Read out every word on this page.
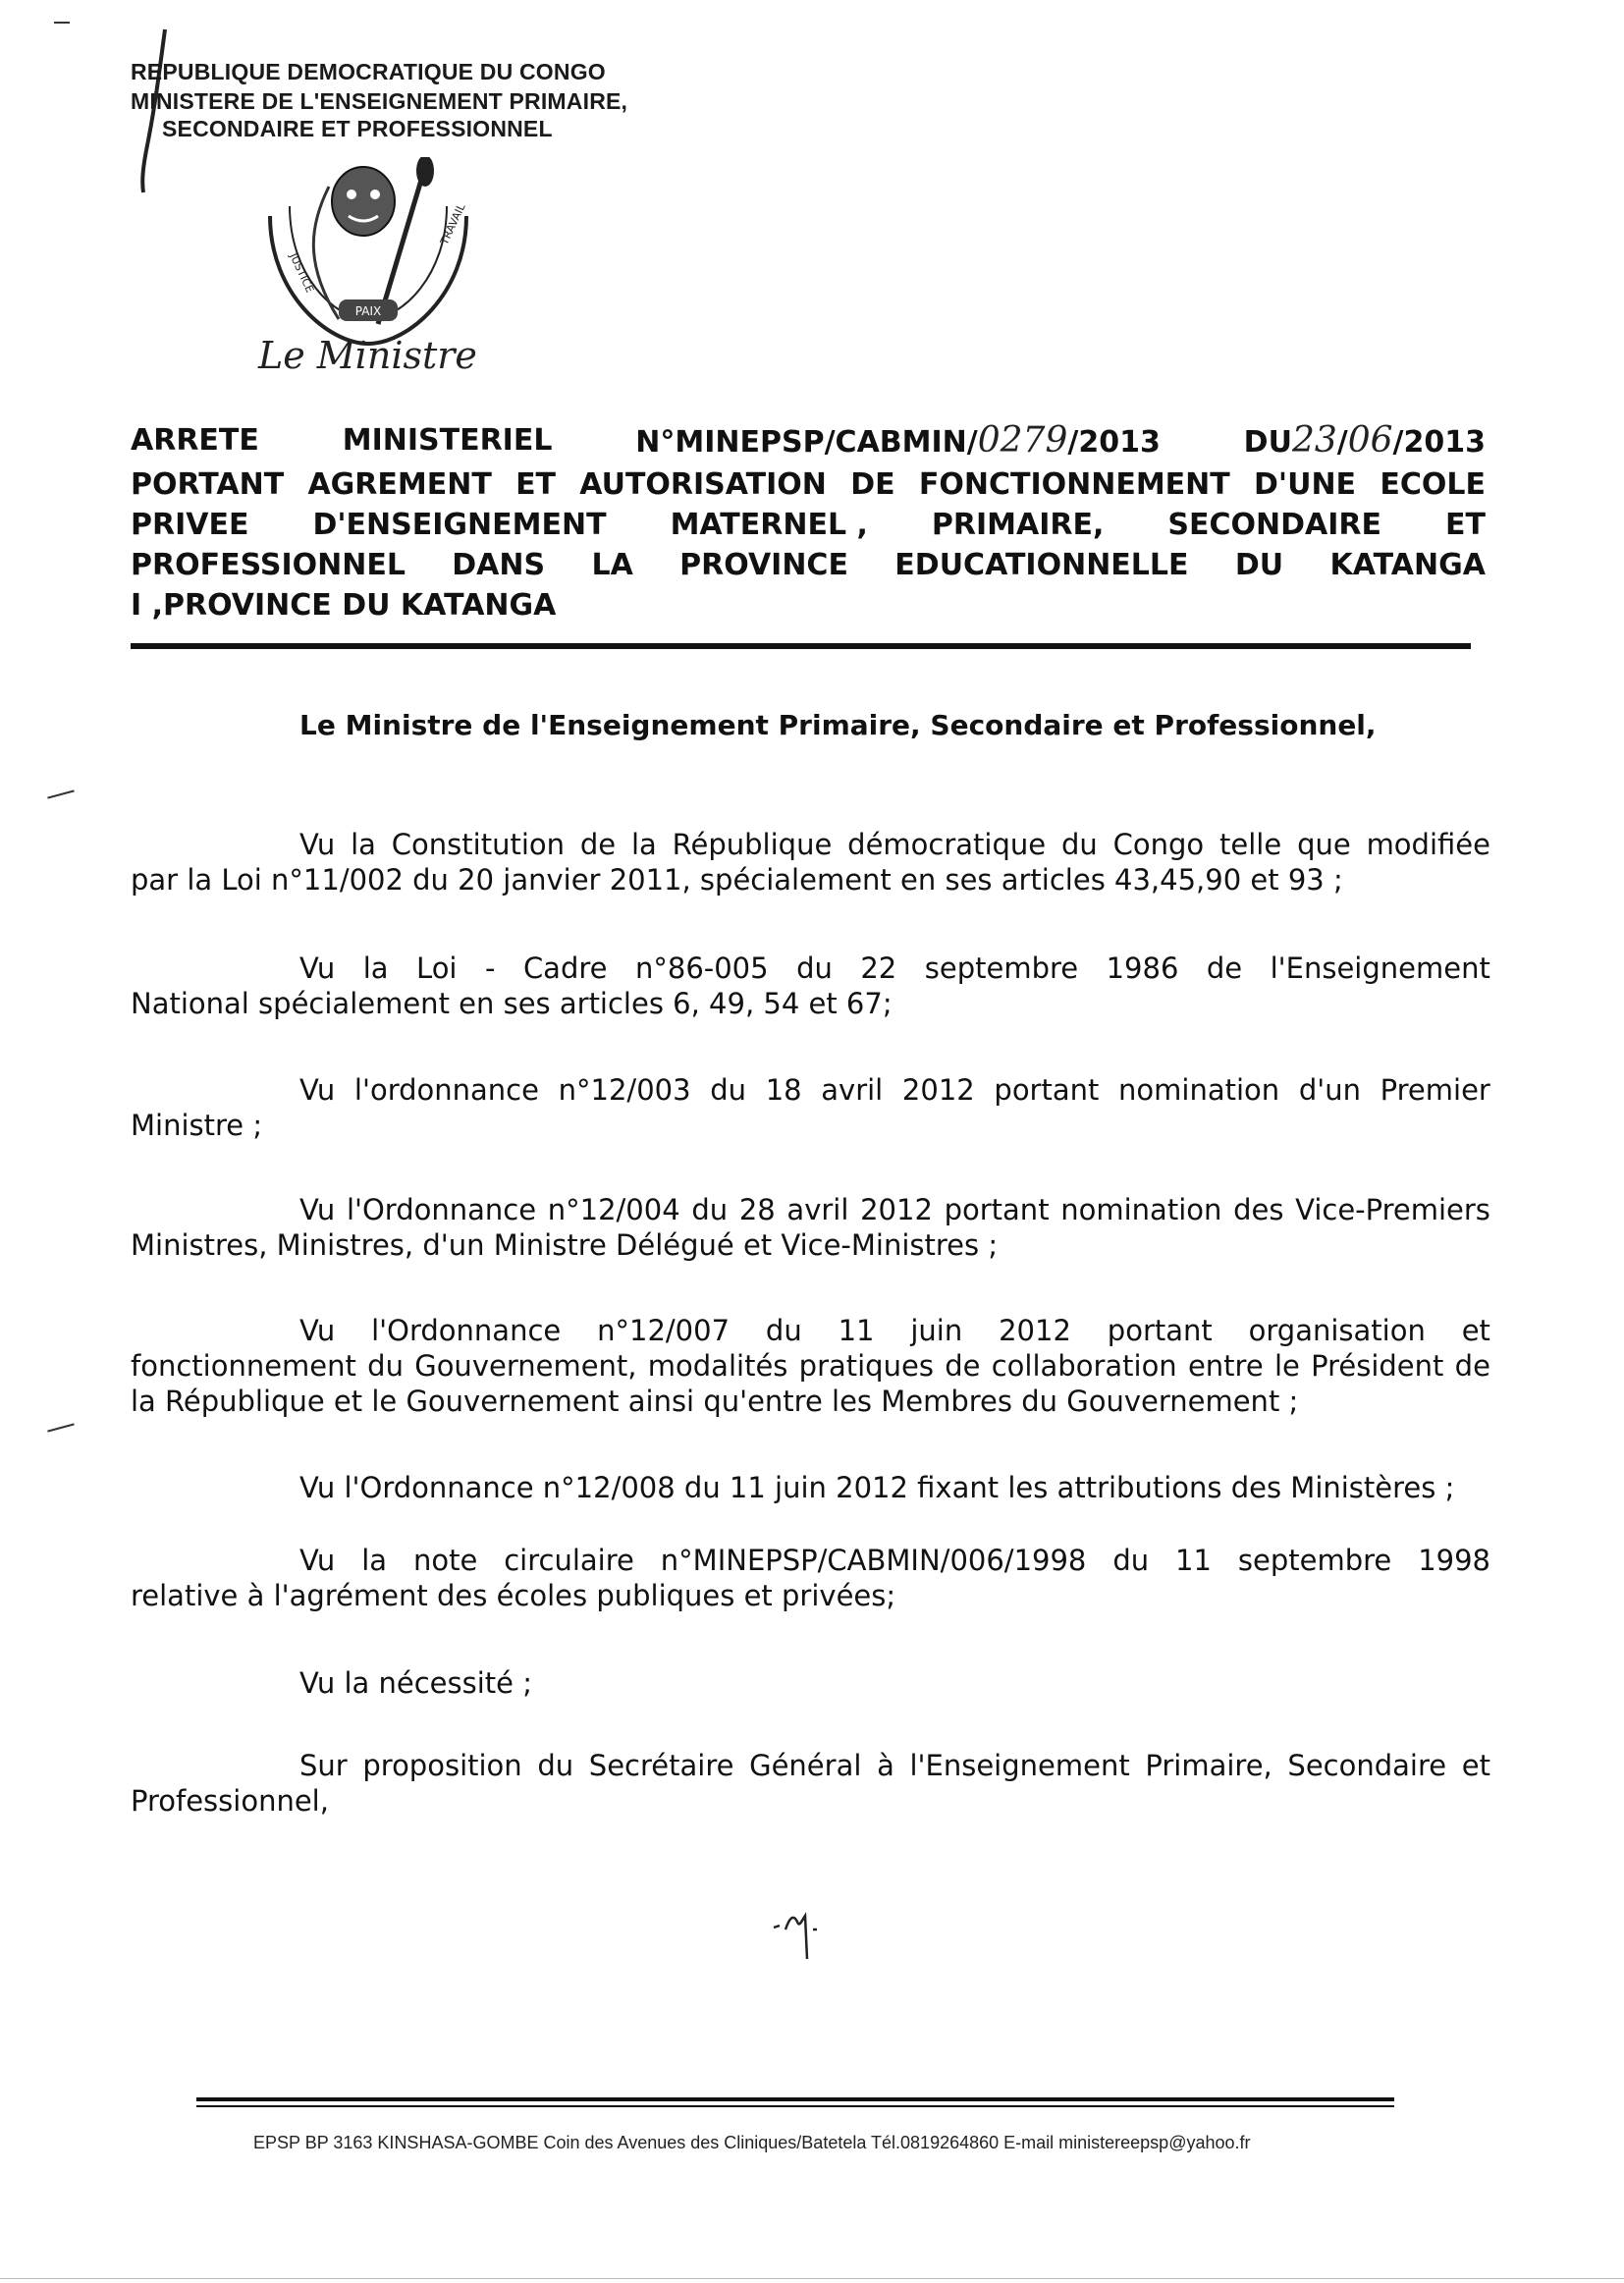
REPUBLIQUE DEMOCRATIQUE DU CONGO
MINISTERE DE L'ENSEIGNEMENT PRIMAIRE,
SECONDAIRE ET PROFESSIONNEL
PAIX
JUSTICE
TRAVAIL
Le Ministre
ARRETE	MINISTERIEL	N°MINEPSP/CABMIN/0279/2013	DU23/06/2013
PORTANT AGREMENT ET AUTORISATION DE FONCTIONNEMENT D'UNE ECOLE
PRIVEE D'ENSEIGNEMENT MATERNEL , PRIMAIRE, SECONDAIRE ET
PROFESSIONNEL DANS LA PROVINCE EDUCATIONNELLE DU KATANGA
I ,PROVINCE DU KATANGA
Le Ministre de l'Enseignement Primaire, Secondaire et Professionnel,
Vu la Constitution de la République démocratique du Congo telle que modifiée
par la Loi n°11/002 du 20 janvier 2011, spécialement en ses articles 43,45,90 et 93 ;
Vu la Loi - Cadre n°86-005 du 22 septembre 1986 de l'Enseignement
National spécialement en ses articles 6, 49, 54 et 67;
Vu l'ordonnance n°12/003 du 18 avril 2012 portant nomination d'un Premier
Ministre ;
Vu l'Ordonnance n°12/004 du 28 avril 2012 portant nomination des Vice-Premiers
Ministres, Ministres, d'un Ministre Délégué et Vice-Ministres ;
Vu l'Ordonnance n°12/007 du 11 juin 2012 portant organisation et
fonctionnement du Gouvernement, modalités pratiques de collaboration entre le Président de
la République et le Gouvernement ainsi qu'entre les Membres du Gouvernement ;
Vu l'Ordonnance n°12/008 du 11 juin 2012 fixant les attributions des Ministères ;
Vu la note circulaire n°MINEPSP/CABMIN/006/1998 du 11 septembre 1998
relative à l'agrément des écoles publiques et privées;
Vu la nécessité ;
Sur proposition du Secrétaire Général à l'Enseignement Primaire, Secondaire et
Professionnel,
-1-
EPSP BP 3163 KINSHASA-GOMBE Coin des Avenues des Cliniques/Batetela Tél.0819264860 E-mail ministereepsp@yahoo.fr
